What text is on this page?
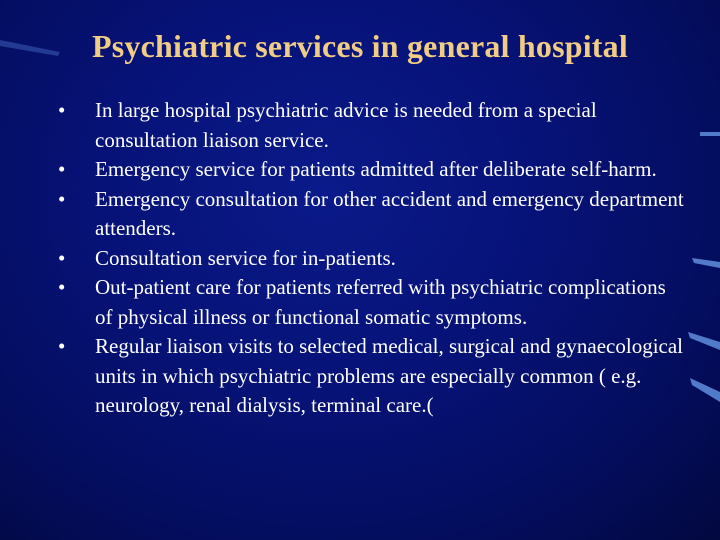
Psychiatric services in general hospital
• In large hospital psychiatric advice is needed from a special consultation liaison service.
• Emergency service for patients admitted after deliberate self-harm.
• Emergency consultation for other accident and emergency department attenders.
• Consultation service for in-patients.
• Out-patient care for patients referred with psychiatric complications of physical illness or functional somatic symptoms.
• Regular liaison visits to selected medical, surgical and gynaecological units in which psychiatric problems are especially common ( e.g. neurology, renal dialysis, terminal care.(
